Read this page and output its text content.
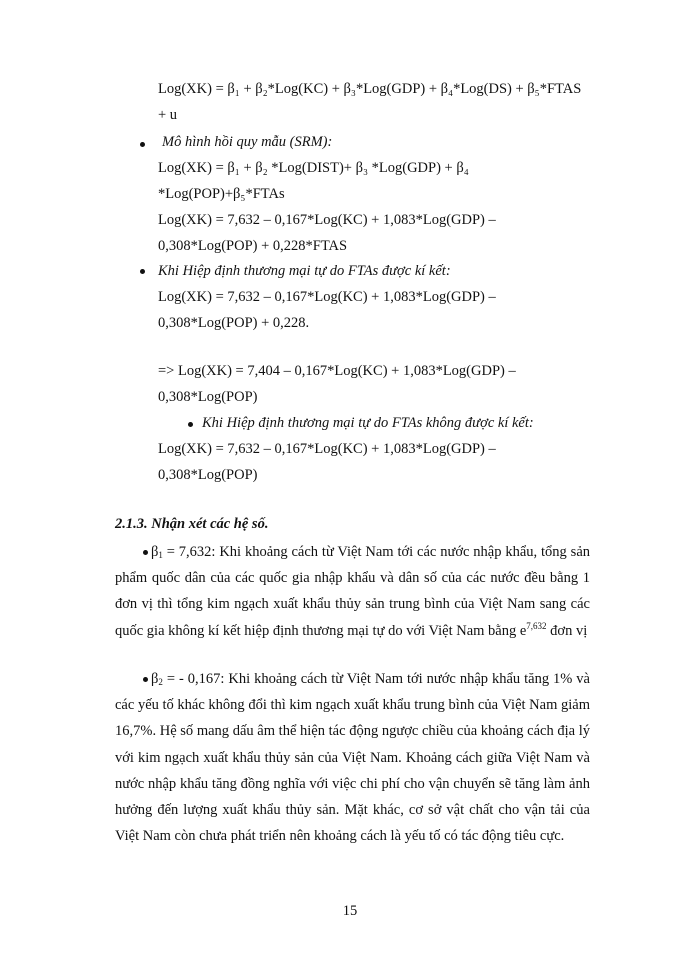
Log(XK) = β₁ + β₂*Log(KC) + β₃*Log(GDP) + β₄*Log(DS) + β₅*FTAS
+ u
Mô hình hồi quy mẫu (SRM):
Log(XK) = β₁ + β₂ *Log(DIST)+ β₃ *Log(GDP) + β₄
*Log(POP)+β₅*FTAs
Log(XK) = 7,632 – 0,167*Log(KC) + 1,083*Log(GDP) –
0,308*Log(POP) + 0,228*FTAS
Khi Hiệp định thương mại tự do FTAs được kí kết:
Log(XK) = 7,632 – 0,167*Log(KC) + 1,083*Log(GDP) –
0,308*Log(POP) + 0,228.
=> Log(XK) = 7,404 – 0,167*Log(KC) + 1,083*Log(GDP) –
0,308*Log(POP)
Khi Hiệp định thương mại tự do FTAs không được kí kết:
Log(XK) = 7,632 – 0,167*Log(KC) + 1,083*Log(GDP) –
0,308*Log(POP)
2.1.3. Nhận xét các hệ số.
$\beta_1 = 7,632$: Khi khoảng cách từ Việt Nam tới các nước nhập khẩu, tổng sản phẩm quốc dân của các quốc gia nhập khẩu và dân số của các nước đều bằng 1 đơn vị thì tổng kim ngạch xuất khẩu thủy sản trung bình của Việt Nam sang các quốc gia không kí kết hiệp định thương mại tự do với Việt Nam bằng $e^{7,632}$ đơn vị
$\beta_2$ = - 0,167: Khi khoảng cách từ Việt Nam tới nước nhập khẩu tăng 1% và các yếu tố khác không đổi thì kim ngạch xuất khẩu trung bình của Việt Nam giảm 16,7%. Hệ số mang dấu âm thể hiện tác động ngược chiều của khoảng cách địa lý với kim ngạch xuất khẩu thủy sản của Việt Nam. Khoảng cách giữa Việt Nam và nước nhập khẩu tăng đồng nghĩa với việc chi phí cho vận chuyển sẽ tăng làm ảnh hưởng đến lượng xuất khẩu thủy sản. Mặt khác, cơ sở vật chất cho vận tải của Việt Nam còn chưa phát triển nên khoảng cách là yếu tố có tác động tiêu cực.
15
